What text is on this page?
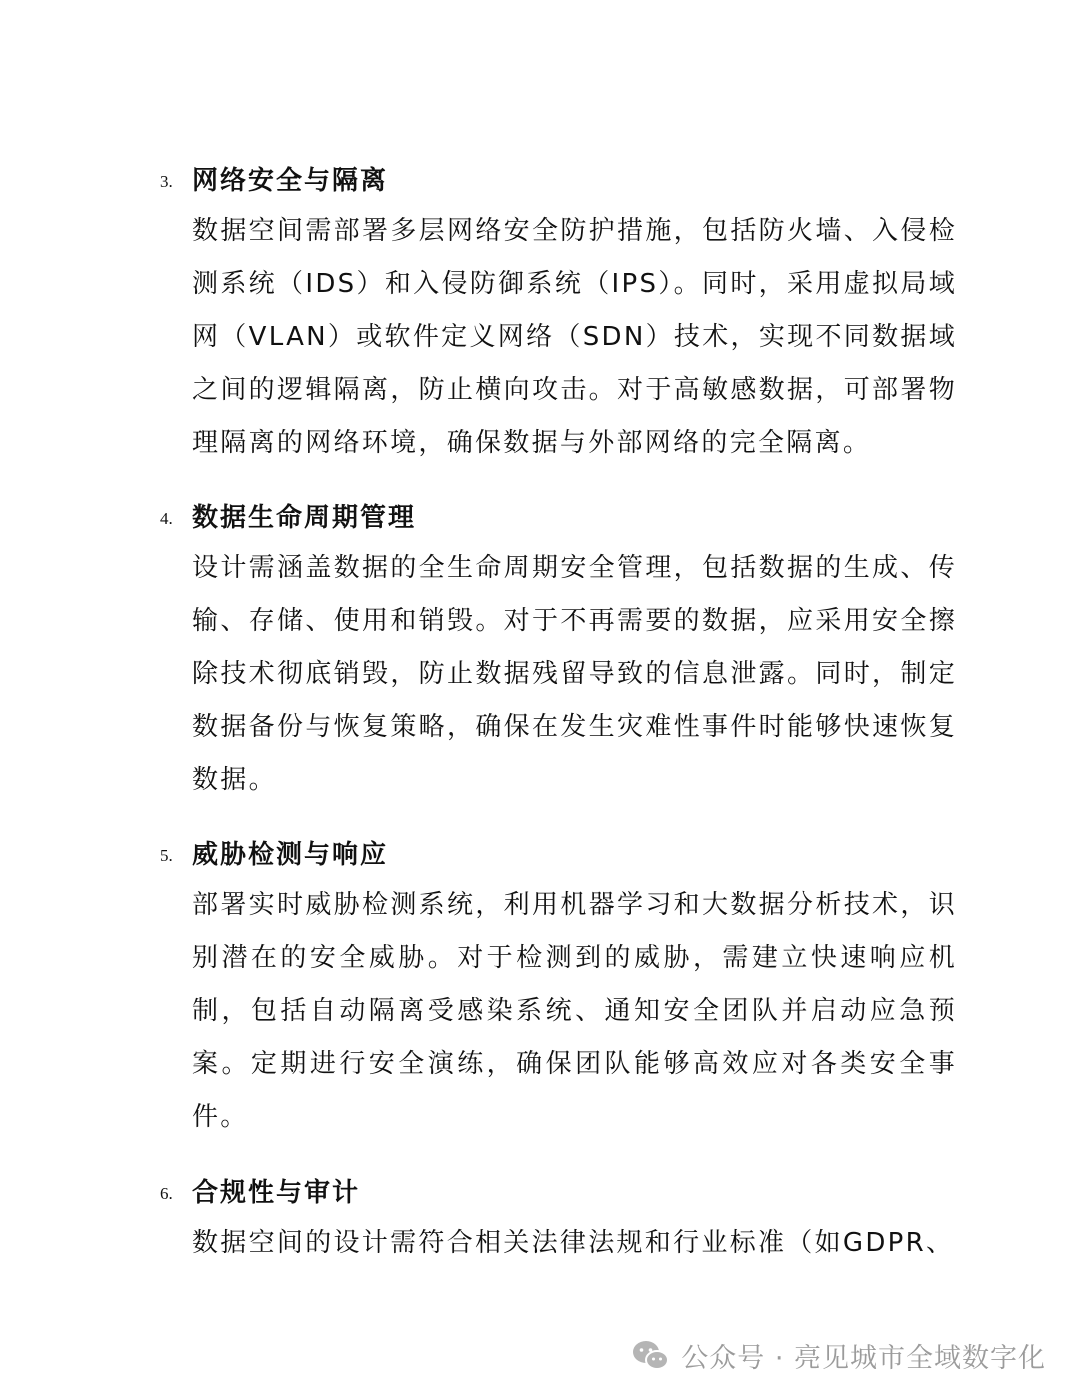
3. 网络安全与隔离
数据空间需部署多层网络安全防护措施，包括防火墙、入侵检测系统（IDS）和入侵防御系统（IPS）。同时，采用虚拟局域网（VLAN）或软件定义网络（SDN）技术，实现不同数据域之间的逻辑隔离，防止横向攻击。对于高敏感数据，可部署物理隔离的网络环境，确保数据与外部网络的完全隔离。
4. 数据生命周期管理
设计需涵盖数据的全生命周期安全管理，包括数据的生成、传输、存储、使用和销毁。对于不再需要的数据，应采用安全擦除技术彻底销毁，防止数据残留导致的信息泄露。同时，制定数据备份与恢复策略，确保在发生灾难性事件时能够快速恢复数据。
5. 威胁检测与响应
部署实时威胁检测系统，利用机器学习和大数据分析技术，识别潜在的安全威胁。对于检测到的威胁，需建立快速响应机制，包括自动隔离受感染系统、通知安全团队并启动应急预案。定期进行安全演练，确保团队能够高效应对各类安全事件。
6. 合规性与审计
数据空间的设计需符合相关法律法规和行业标准（如GDPR、
公众号 · 亮见城市全域数字化
